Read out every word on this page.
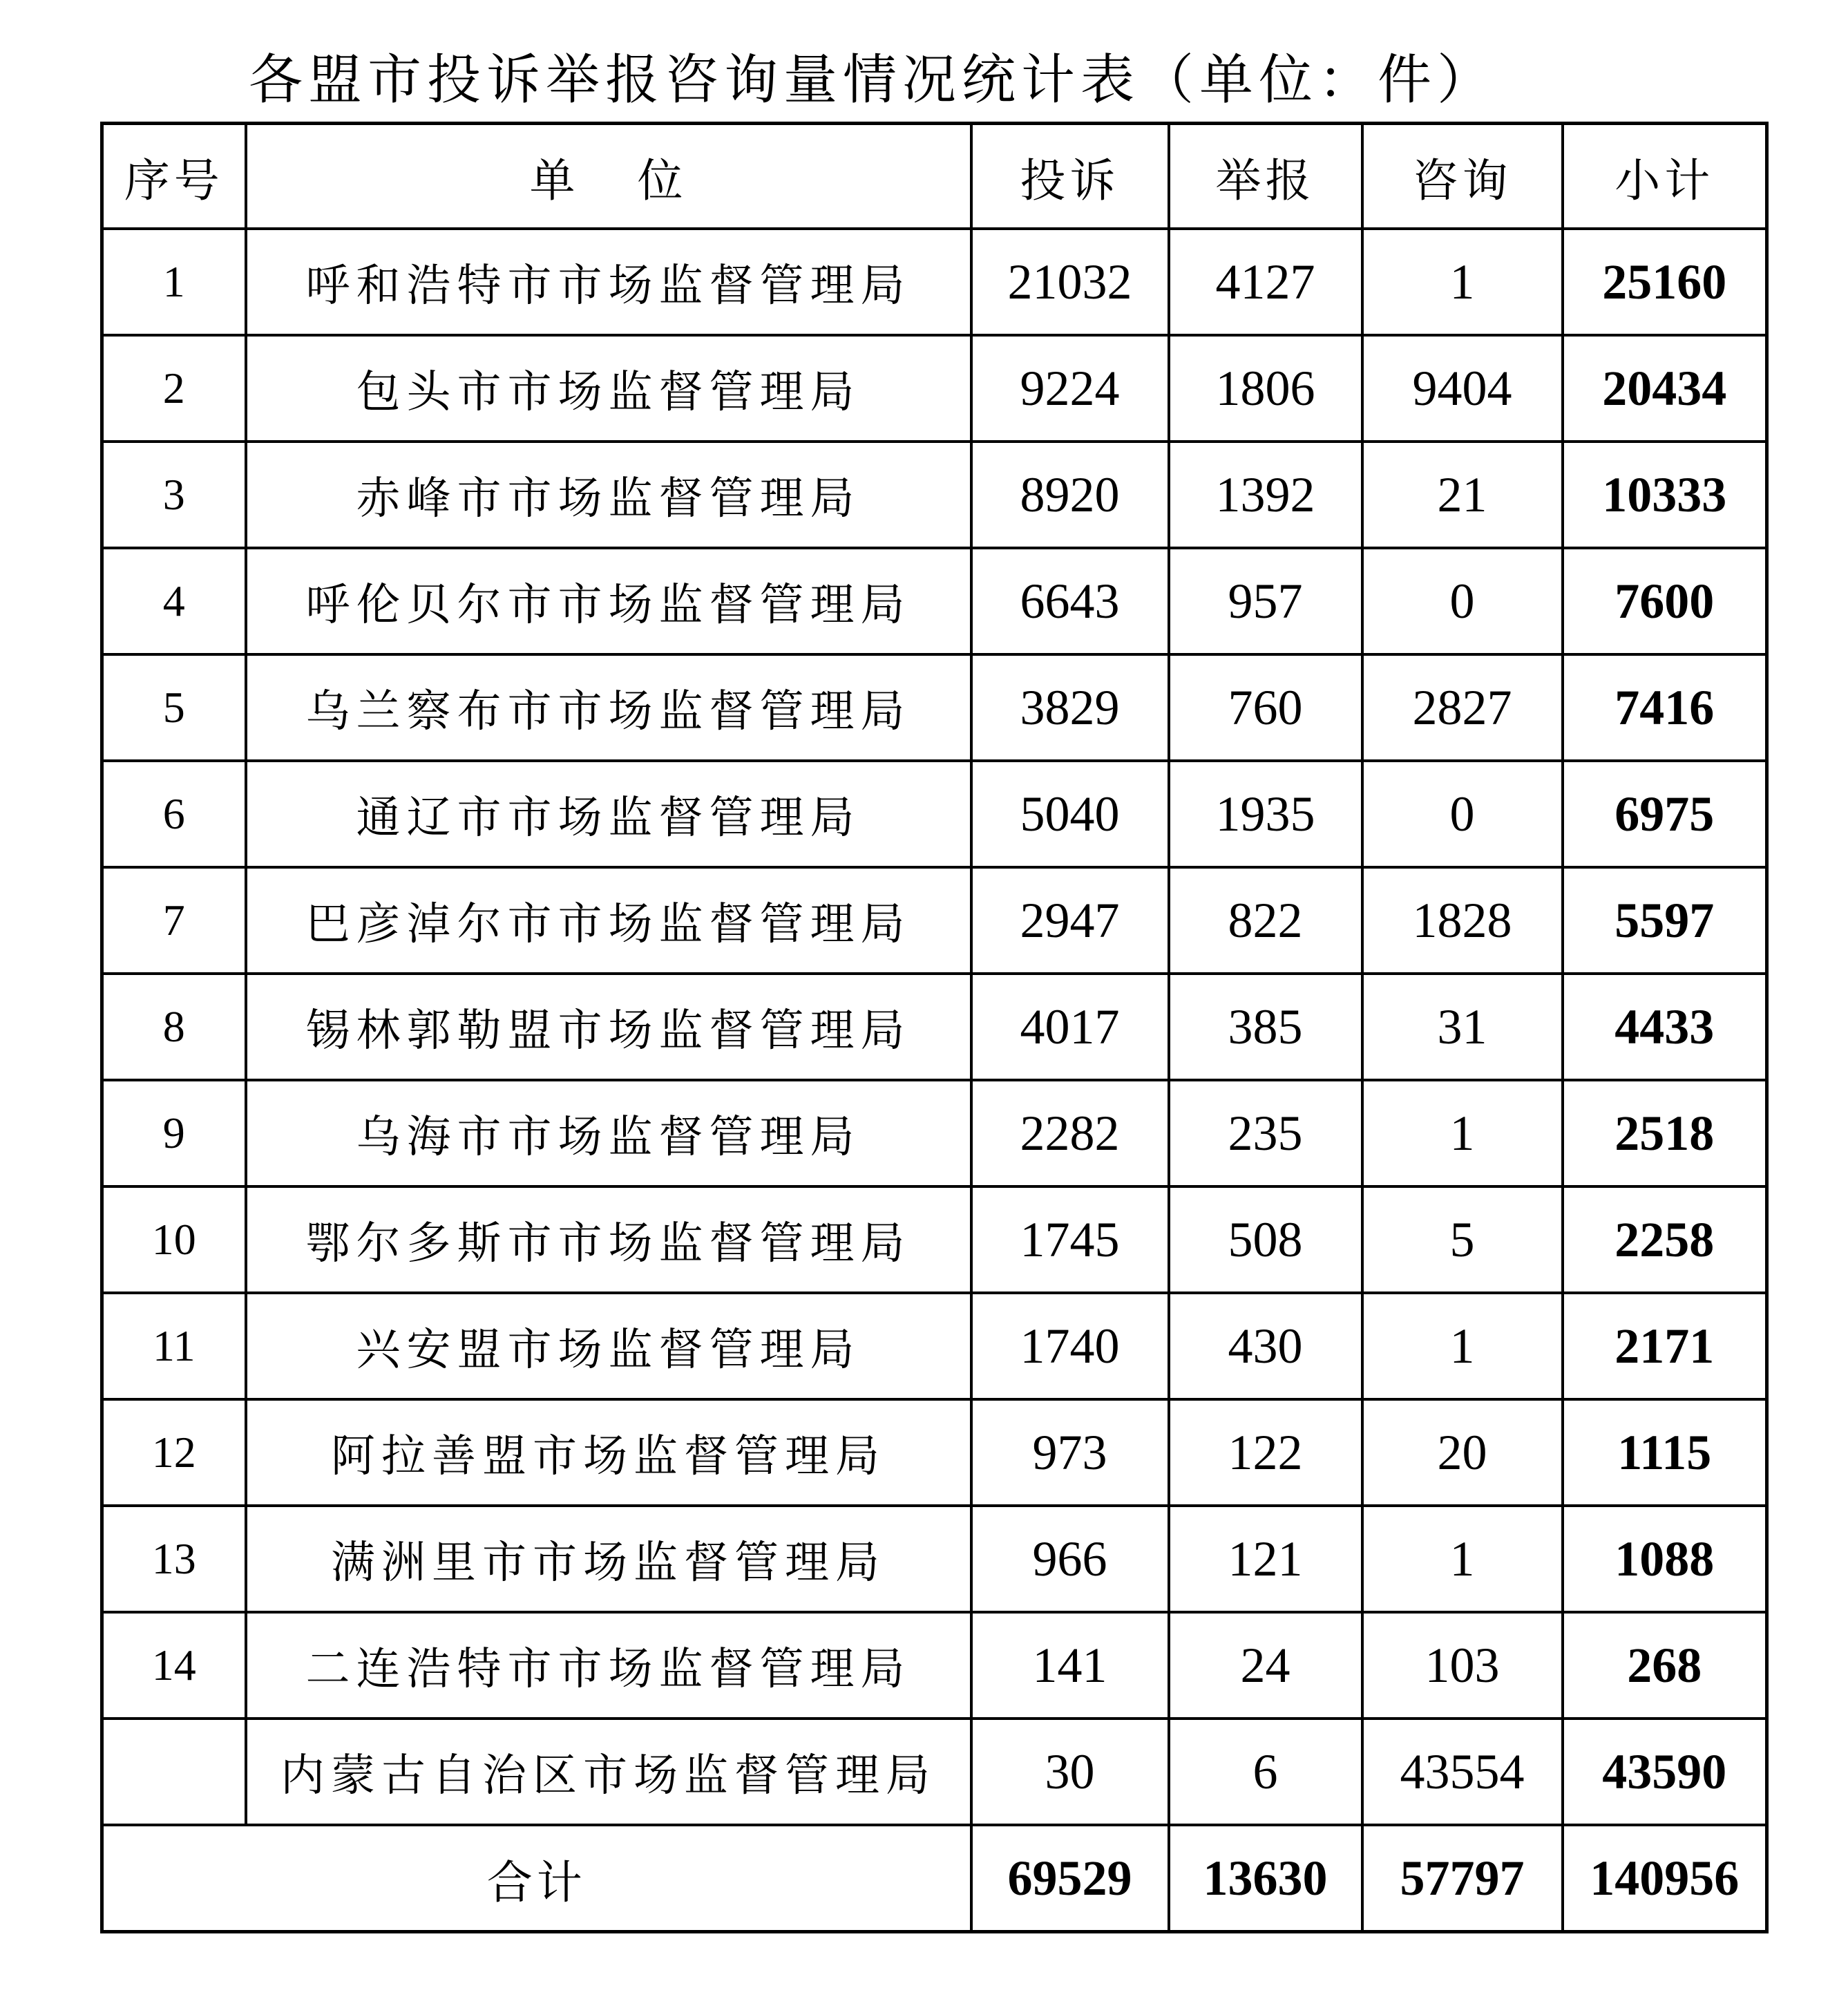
各盟市投诉举报咨询量情况统计表（单位：件）
序号	单 位	投诉	举报	咨询	小计
1	呼和浩特市市场监督管理局	21032	4127	1	25160
2	包头市市场监督管理局	9224	1806	9404	20434
3	赤峰市市场监督管理局	8920	1392	21	10333
4	呼伦贝尔市市场监督管理局	6643	957	0	7600
5	乌兰察布市市场监督管理局	3829	760	2827	7416
6	通辽市市场监督管理局	5040	1935	0	6975
7	巴彦淖尔市市场监督管理局	2947	822	1828	5597
8	锡林郭勒盟市场监督管理局	4017	385	31	4433
9	乌海市市场监督管理局	2282	235	1	2518
10	鄂尔多斯市市场监督管理局	1745	508	5	2258
11	兴安盟市场监督管理局	1740	430	1	2171
12	阿拉善盟市场监督管理局	973	122	20	1115
13	满洲里市市场监督管理局	966	121	1	1088
14	二连浩特市市场监督管理局	141	24	103	268
	内蒙古自治区市场监督管理局	30	6	43554	43590
合计		69529	13630	57797	140956
